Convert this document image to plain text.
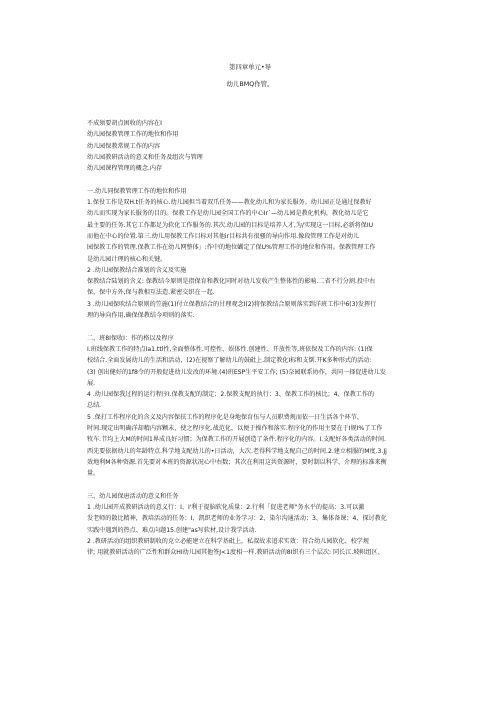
第四章单元•导
幼儿BMQ作管。

不成须要胡点困收的内容在I

幼儿园保教管理工作的地位和作用

幼儿园保教常规工作的内容

幼儿园教研活动的意义和任务及组次与管理

幼儿园课程管理的概念.内存

一.幼儿同保教管理工作的地位和作用

1.保役工作是双H.t任务的核心.幼儿园担当着双爪任务——教化幼儿和为家长服务。幼儿园正是通过保教好

幼儿而实现为家长服务的目的。保教工作是幼儿园全国工作的中心Ir`—幼儿园是教化机构，教化幼儿是它

最主要的任务.其它工作都足为软化工作服务的.其次.幼儿园的目标是培养人才,为/实现这一目标,必新将保IU

而他在中心的位置.第三.幼儿用保教工作目标对其他ir目标共有很骚的导向作用.像段管理工作是对幼儿

园保教工作的管理.保教工作在幼儿网整体」:作中的地位蝴定了保U%管理工作的地位和作用。保教管理工作

是幼儿园计理的核心和关键。

2 .幼儿园保教结合准划的含义及实施

保教结合陆划的含义: 保教结今原则是指保育和教化同时对幼儿发收产生整体性的影响.二省不行分割.投中右

保，保中方外,保与教相互法造.紧密交织在一起.

3 .幼儿园保吹结合原则的笠施(1)付立保教结合的甘理观念I(2)将保教结合原则落实到洋班工作中6(3)发挥行

理的导向作用,确保保教结今项则的落实.

二、班8I保收I：作的格以及程序

I.班线保教工作的特点Ia1.ttl性,全面整体性.可控性、娱体性.创建性、开放性等,班依保及工作的内容: (1)保

校结合.全面发展幼儿的生活和活动，(2)在视察了解幼儿的鼓砒上.制定教化I标和支倒.开K多种形式的活动:

(3) 创出健好的1f8令的开般促进幼儿发改的环境.(4)班ESP生平安工作; (5)奈园联系协作，共同一择促进幼儿发

展.

4 .幼儿园保我过程的运行程序I.保教支配的制定；2.保教支配的执行；3、保教工作的核比；4、保教工作的

总结.

5 .保打工作程序化的含义及内容保扶工作的程序化是身地保育伍与人员职费规而依一日生活各个环节、

时间.现定出明确洋却精内容颗未，使之程序化.战范化，以便于操作和落实.程序化的作用主要在于I规I%了工作

牧车.节均上大M的时间1界成良好习惯；为保教工作的开展创造了条件.程序化的内容。I.支配好各类活动的时间.

西先要依据幼儿的年龄特点.科学地支配幼儿的•日活动，大次.老得科学地支配自己的时间.2.建立相服的M度.3.Jj

效地利M各种资源.首先要对本班的资源状况心中右数；其次在利用这共资源时，要时制以科学、介理的标准来衡

量。

三、幼儿园保唐活动的意义和任务

1 .幼儿园开成教研活动的意义行：I、I'利于提脑软化质量：2.行利「促进老师"务水平的提高：3.可以激

发老师的散比精神，教培活动的任务：I、凯织老师的业务学习：2、染尔沟通活动；3、集体备课；4、探讨教化

实践中遇到的热点、难点向题15.创建"as写软材,设计我学活动.

2 .教研活动的组织教研制收的克立必能建立在科学基砒上，私叔故求追求实效：符合幼儿园软化、校学规

律; 用就教研活动的广泛性和群众HI幼儿园其他签J<1度相一样.教研活动的8I织有三个层次: 同长江.坡帜组区、
